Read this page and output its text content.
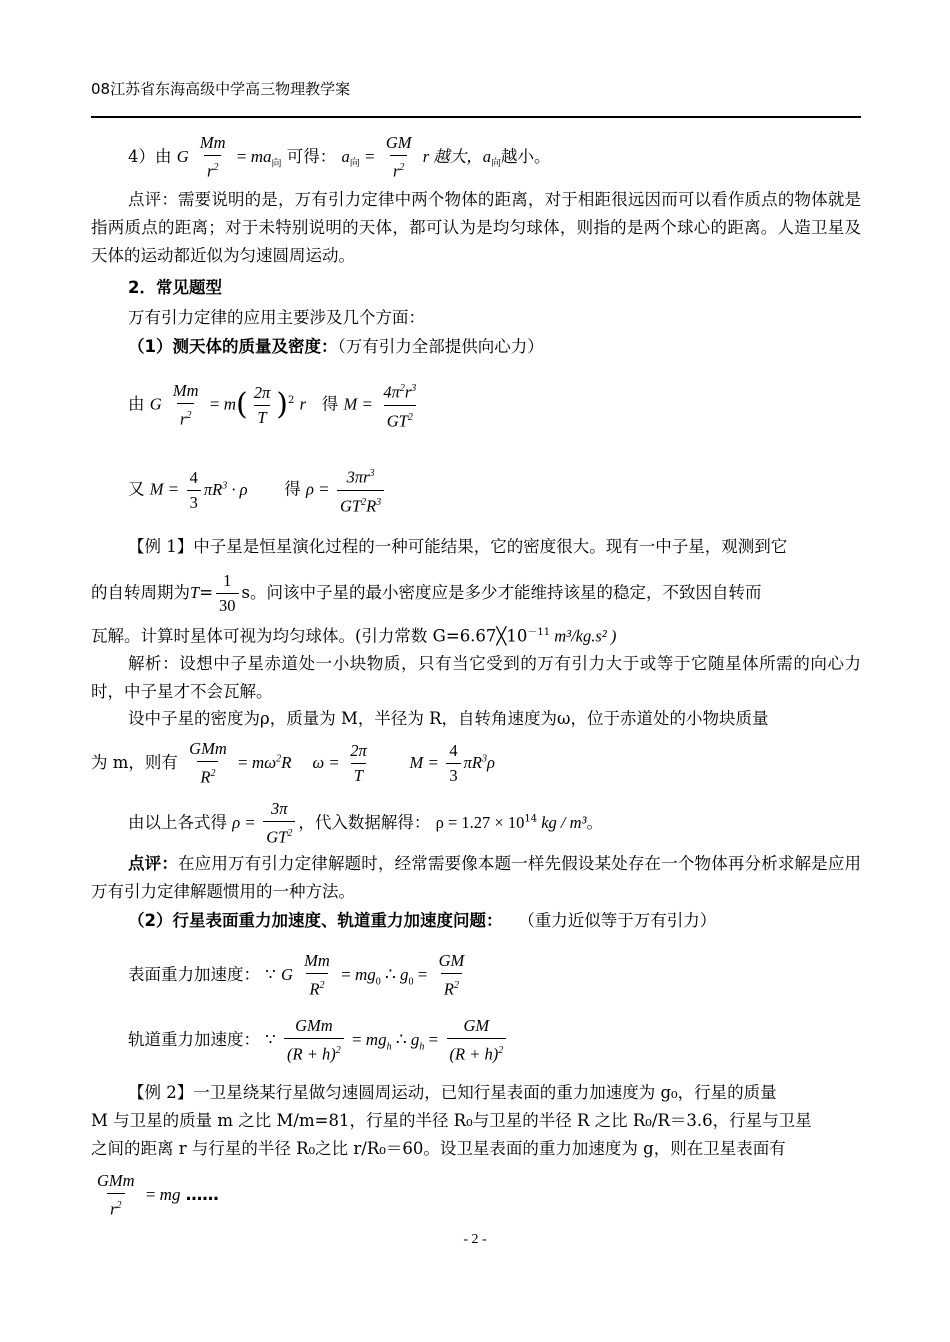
08江苏省东海高级中学高三物理教学案
4）由 G $\frac{Mm}{r^2} = ma_向$ 可得： $a_向 = \frac{GM}{r^2}$ r 越大，$a_向$越小。
点评：需要说明的是，万有引力定律中两个物体的距离，对于相距很远因而可以看作质点的物体就是指两质点的距离；对于未特别说明的天体，都可认为是均匀球体，则指的是两个球心的距离。人造卫星及天体的运动都近似为匀速圆周运动。
2．常见题型
万有引力定律的应用主要涉及几个方面：
（1）测天体的质量及密度：（万有引力全部提供向心力）
由 G $\frac{Mm}{r^2} = m( \frac{2\pi}{T} )^2$ r 得 $M = \frac{4\pi^2r^3}{GT^2}$
又 $M = \frac{4}{3} \pi R^3 \cdot \rho$ 得 $\rho = \frac{3\pi r^3}{GT^2R^3}$
【例 1】中子星是恒星演化过程的一种可能结果，它的密度很大。现有一中子星，观测到它
的自转周期为$T= \frac{1}{30}$ s。问该中子星的最小密度应是多少才能维持该星的稳定，不致因自转而
瓦解。计算时星体可视为均匀球体。(引力常数 $G=6.67╳10^{-11}$ m³/kg.s² )
解析：设想中子星赤道处一小块物质，只有当它受到的万有引力大于或等于它随星体所需的向心力时，中子星才不会瓦解。
设中子星的密度为ρ，质量为 M，半径为 R，自转角速度为ω，位于赤道处的小物块质量
为 m，则有 $\frac{\text{GMm}}{R^2} = m\omega^2R$ $\omega = \frac{2\pi}{T}$ $M = \frac{4}{3} \pi R^3\rho$
由以上各式得 $\rho = \frac{3\pi}{GT^2}$ ，代入数据解得： $\rho = 1.27 \times 10^{14}$ kg / m³。
点评：在应用万有引力定律解题时，经常需要像本题一样先假设某处存在一个物体再分析求解是应用万有引力定律解题惯用的一种方法。
（2）行星表面重力加速度、轨道重力加速度问题： （重力近似等于万有引力）
表面重力加速度： ∵ G $\frac{Mm}{R^2} = mg_0$ ∴ $g_0 = \frac{GM}{R^2}$
轨道重力加速度： ∵ $\frac{\text{GMm}}{(R + h)^2} = mg_h$ ∴ $g_h = \frac{GM}{(R + h)^2}$
【例 2】一卫星绕某行星做匀速圆周运动，已知行星表面的重力加速度为 g₀，行星的质量
M 与卫星的质量 m 之比 M/m=81，行星的半径 R₀与卫星的半径 R 之比 R₀/R＝3.6，行星与卫星
之间的距离 r 与行星的半径 R₀之比 r/R₀＝60。设卫星表面的重力加速度为 g，则在卫星表面有
$\frac{\text{GMm}}{r^2}$ = mg ……
- 2 -
